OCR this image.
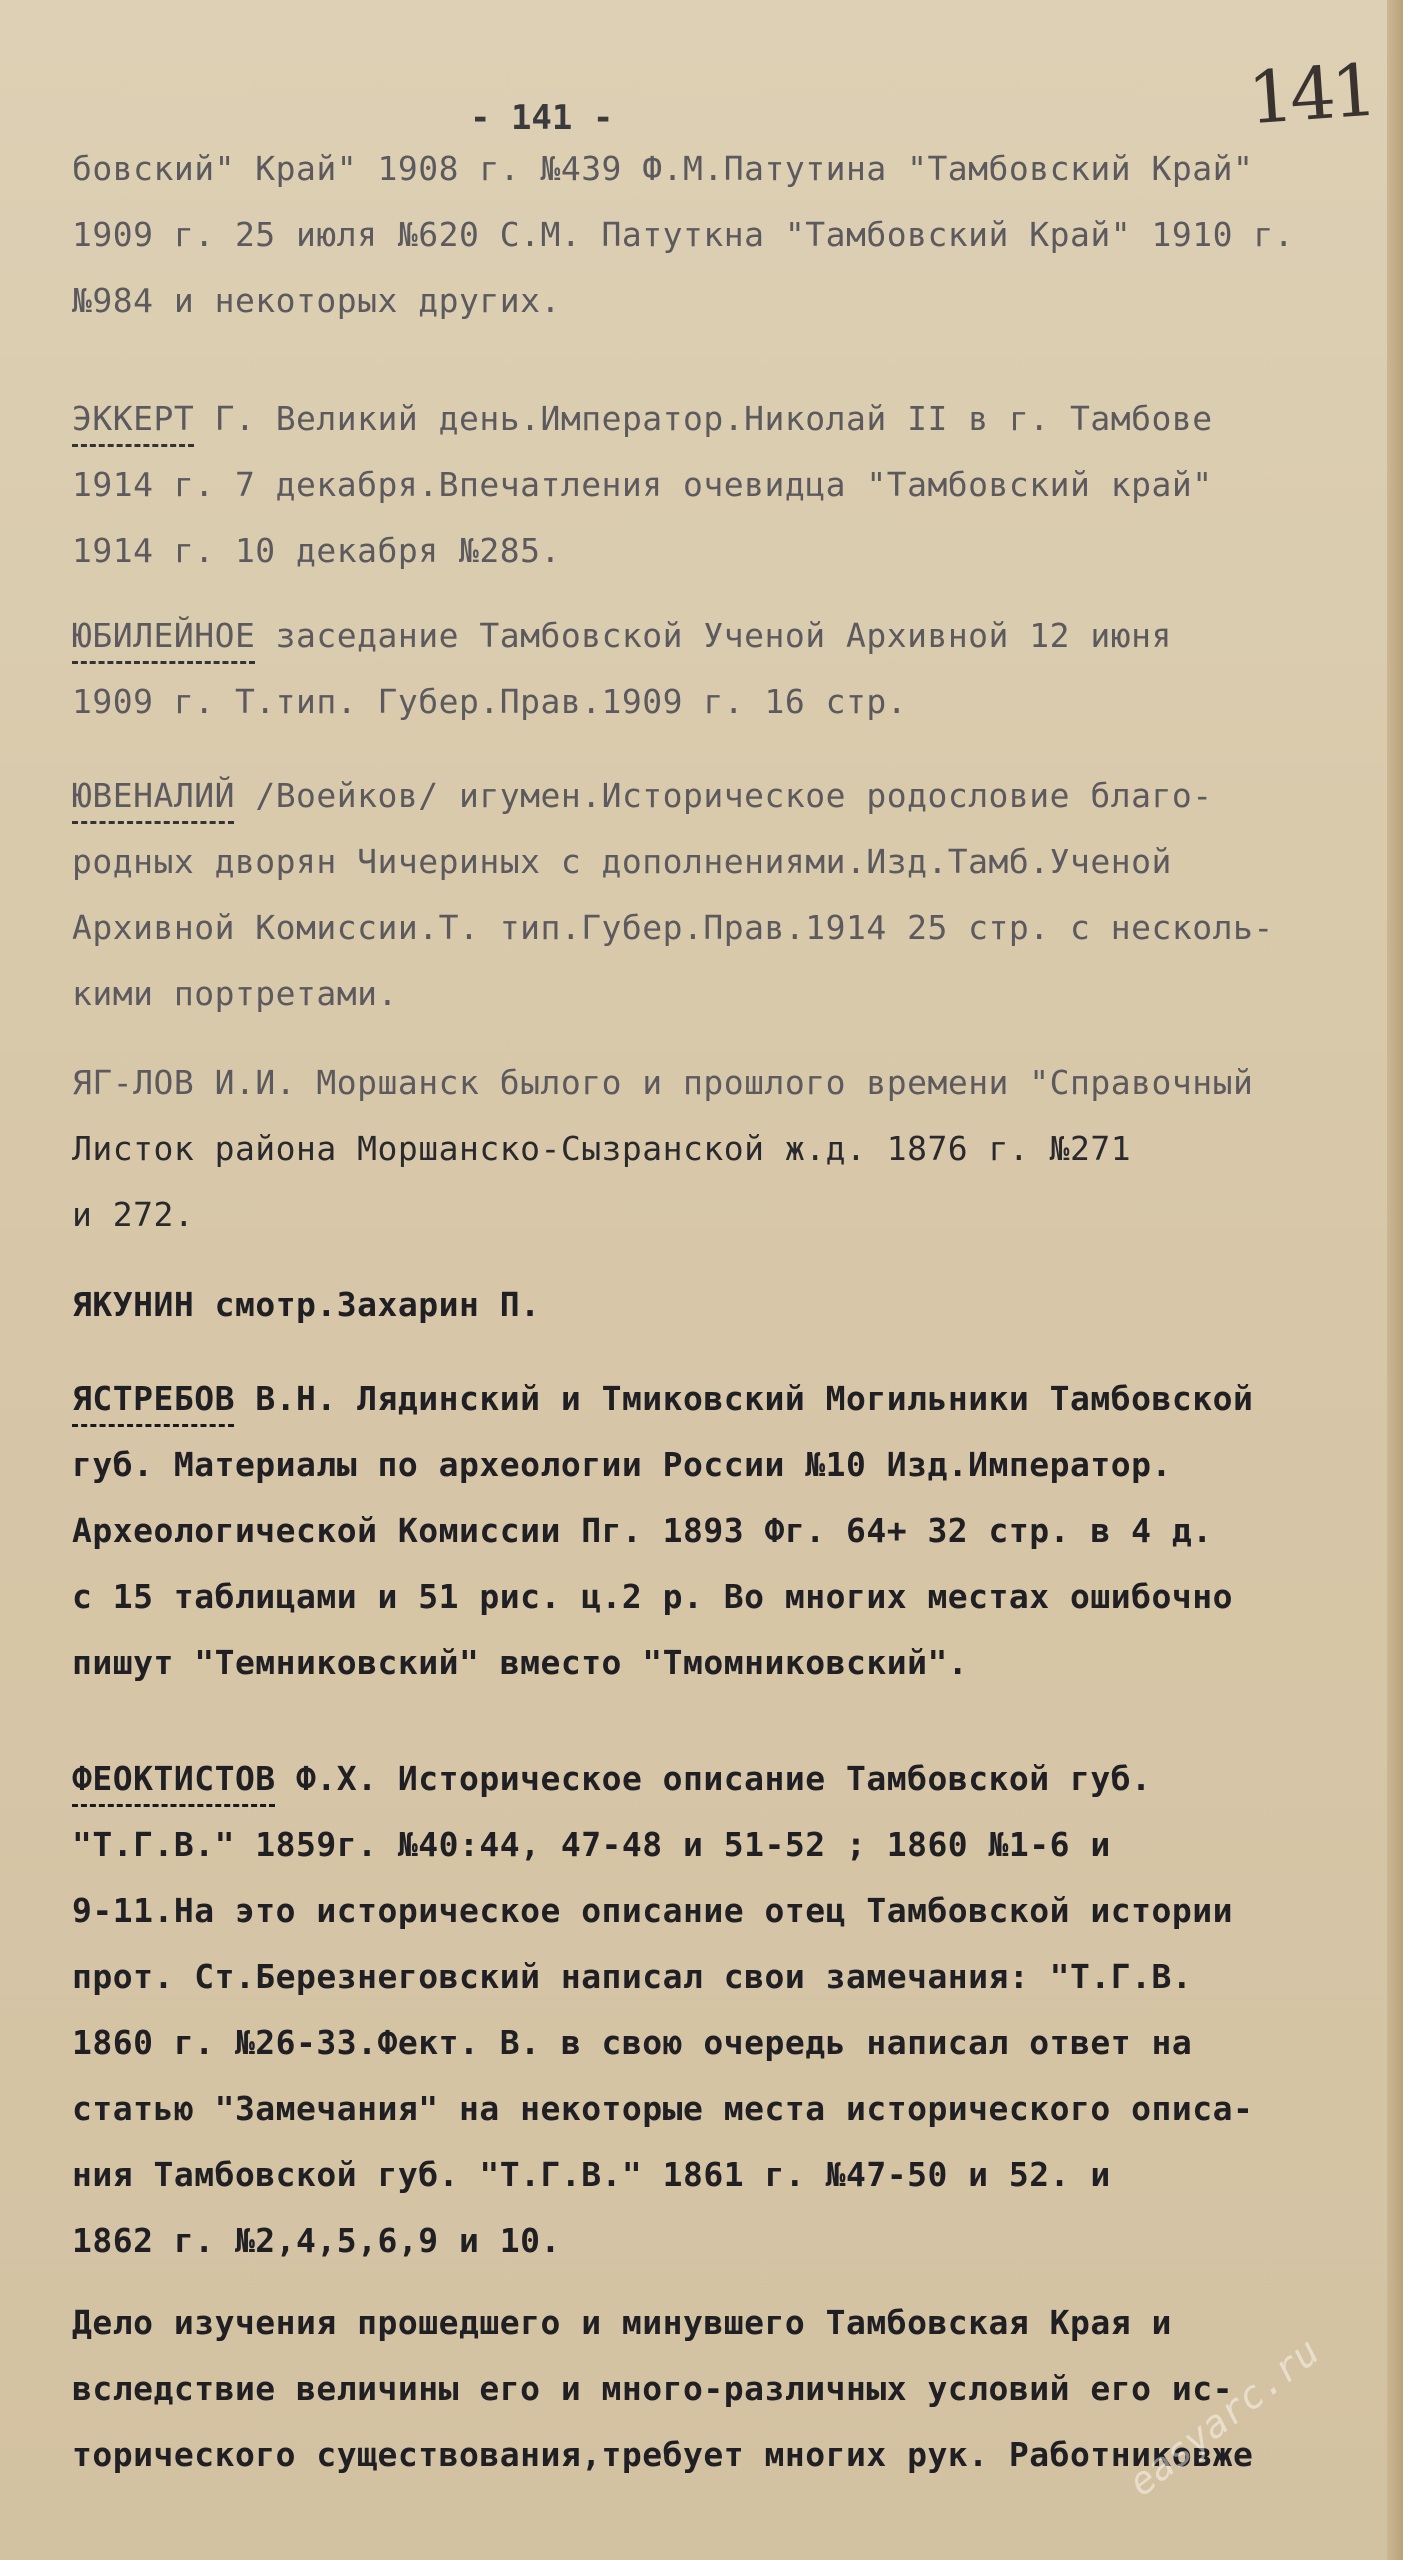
141
- 141 -
бовский" Край" 1908 г. №439 Ф.М.Патутина "Тамбовский Край"
1909 г. 25 июля №620 С.М. Патуткна "Тамбовский Край" 1910 г.
№984 и некоторых других.
ЭККЕРТ Г. Великий день.Император.Николай II в г. Тамбове
1914 г. 7 декабря.Впечатления очевидца "Тамбовский край"
1914 г. 10 декабря №285.
ЮБИЛЕЙНОЕ заседание Тамбовской Ученой Архивной 12 июня
1909 г. Т.тип. Губер.Прав.1909 г. 16 стр.
ЮВЕНАЛИЙ /Воейков/ игумен.Историческое родословие благо-
родных дворян Чичериных с дополнениями.Изд.Тамб.Ученой
Архивной Комиссии.Т. тип.Губер.Прав.1914 25 стр. с несколь-
кими портретами.
ЯГ-ЛОВ И.И. Моршанск былого и прошлого времени "Справочный
Листок района Моршанско-Сызранской ж.д. 1876 г. №271
и 272.
ЯКУНИН смотр.Захарин П.
ЯСТРЕБОВ В.Н. Лядинский и Тмиковский Могильники Тамбовской
губ. Материалы по археологии России №10 Изд.Император.
Археологической Комиссии Пг. 1893 Фг. 64+ 32 стр. в 4 д.
с 15 таблицами и 51 рис. ц.2 р. Во многих местах ошибочно
пишут "Темниковский" вместо "Тмомниковский".
ФЕОКТИСТОВ Ф.Х. Историческое описание Тамбовской губ.
"Т.Г.В." 1859г. №40:44, 47-48 и 51-52 ; 1860 №1-6 и
9-11.На это историческое описание отец Тамбовской истории
прот. Ст.Березнеговский написал свои замечания: "Т.Г.В.
1860 г. №26-33.Фект. В. в свою очередь написал ответ на
статью "Замечания" на некоторые места исторического описа-
ния Тамбовской губ. "Т.Г.В." 1861 г. №47-50 и 52. и
1862 г. №2,4,5,6,9 и 10.
Дело изучения прошедшего и минувшего Тамбовская Края и
вследствие величины его и много-различных условий его ис-
торического существования,требует многих рук. Работниковже
easyarc.ru
